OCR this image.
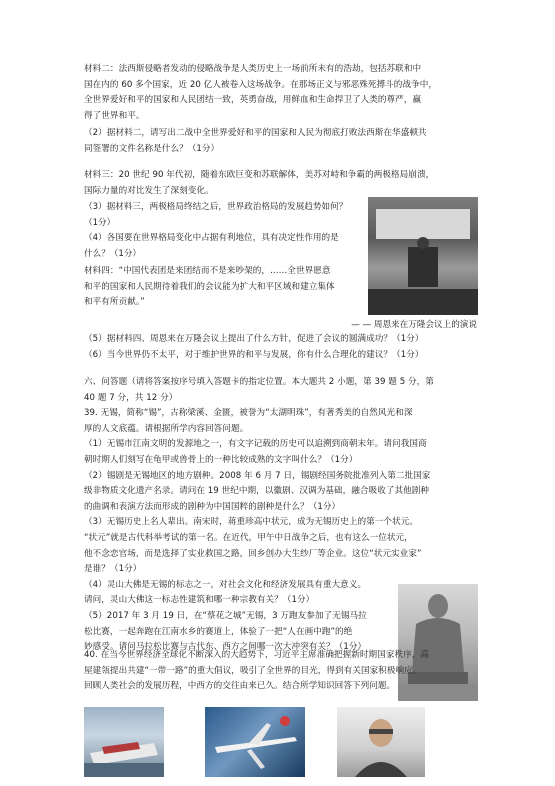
材料二：法西斯侵略者发动的侵略战争是人类历史上一场前所未有的浩劫，包括苏联和中
国在内的 60 多个国家，近 20 亿人被卷入这场战争。在那场正义与邪恶殊死搏斗的战争中，
全世界爱好和平的国家和人民团结一致，英勇奋战，用鲜血和生命捍卫了人类的尊严，赢
得了世界和平。
（2）据材料二，请写出二战中全世界爱好和平的国家和人民为彻底打败法西斯在华盛顿共
同签署的文件名称是什么？（1分）
材料三：20 世纪 90 年代初，随着东欧巨变和苏联解体，美苏对峙和争霸的两极格局崩溃，
国际力量的对比发生了深刻变化。
（3）据材料三，两极格局终结之后，世界政治格局的发展趋势如何？
（1分）
（4）各国要在世界格局变化中占据有利地位，具有决定性作用的是
什么？（1分）
材料四：“中国代表团是来团结而不是来吵架的，……全世界愿意
和平的国家和人民期待着我们的会议能为扩大和平区域和建立集体
和平有所贡献。”
— — 周恩来在万隆会议上的演说
（5）据材料四、周恩来在万隆会议上提出了什么方针，促进了会议的圆满成功？（1分）
（6）当今世界仍不太平，对于维护世界的和平与发展，你有什么合理化的建议？（1分）
六、问答题（请将答案按序号填入答题卡的指定位置。本大题共 2 小题，第 39 题 5 分，第
40 题 7 分，共 12 分）
39. 无锡，简称“锡”，古称梁溪、金匮，被誉为“太湖明珠”，有著秀美的自然风光和深
厚的人文底蕴。请根据所学内容回答问题。
（1）无锡市江南文明的发源地之一，有文字记载的历史可以追溯到商朝末年。请问我国商
朝时期人们刻写在龟甲或兽骨上的一种比较成熟的文字叫什么？（1分）
（2）锡剧是无锡地区的地方剧种。2008 年 6 月 7 日，锡剧经国务院批准列入第二批国家
级非物质文化遗产名录。请问在 19 世纪中期，以徽剧、汉调为基础，融合吸收了其他剧种
的曲调和表演方法而形成的剧种为中国国粹的剧种是什么？（1分）
（3）无锡历史上名人辈出。南宋时，蒋重珍高中状元，成为无锡历史上的第一个状元。
“状元”就是古代科举考试的第一名。在近代，甲午中日战争之后，也有这么一位状元，
他不念恋官场，而是选择了实业救国之路，回乡创办大生纱厂等企业。这位“状元实业家”
是谁？（1分）
（4）灵山大佛是无锡的标志之一，对社会文化和经济发展具有重大意义。
请问，灵山大佛这一标志性建筑和哪一种宗教有关？（1分）
（5）2017 年 3 月 19 日，在“蔡花之城”无锡，3 万跑友参加了无锡马拉
松比赛，一起奔跑在江南水乡的赛道上，体验了一把“人在画中跑”的绝
妙感受。请问马拉松比赛与古代东、西方之间哪一次大冲突有关？（1分）
40. 在当今世界经济全球化不断深入的大趋势下，习近平主席准确把握新时期国家秩序，高
屋建瓴提出共建“一带一路”的重大倡议，吸引了全世界的目光，得到有关国家积极响应。
回顾人类社会的发展历程，中西方的交往由来已久。结合所学知识回答下列问题。
